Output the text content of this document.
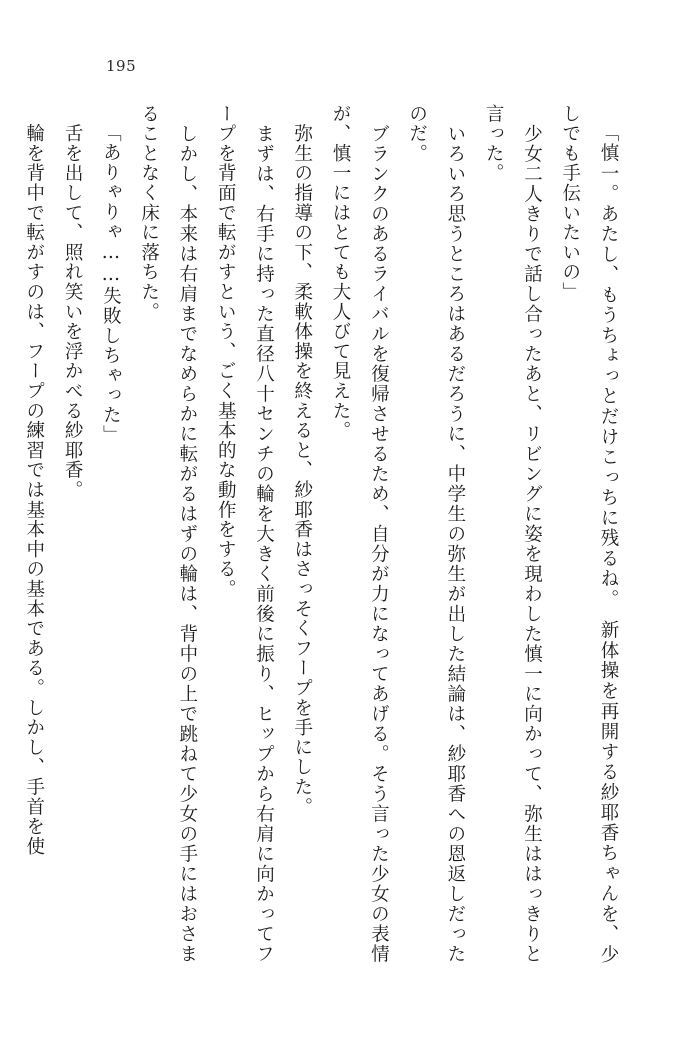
195

「慎一。あたし、もうちょっとだけこっちに残るね。　新体操を再開する紗耶香ちゃんを、少しでも手伝いたいの」

　少女二人きりで話し合ったあと、リビングに姿を現わした慎一に向かって、弥生ははっきりと言った。

　いろいろ思うところはあるだろうに、中学生の弥生が出した結論は、紗耶香への恩返しだったのだ。

　ブランクのあるライバルを復帰させるため、自分が力になってあげる。そう言った少女の表情が、慎一にはとても大人びて見えた。

　弥生の指導の下、柔軟体操を終えると、紗耶香はさっそくフープを手にした。

　まずは、右手に持った直径八十センチの輪を大きく前後に振り、ヒップから右肩に向かってフープを背面で転がすという、ごく基本的な動作をする。

　しかし、本来は右肩までなめらかに転がるはずの輪は、背中の上で跳ねて少女の手にはおさまることなく床に落ちた。

「ありゃりゃ……失敗しちゃった」

　舌を出して、照れ笑いを浮かべる紗耶香。

　輪を背中で転がすのは、フープの練習では基本中の基本である。しかし、手首を使
